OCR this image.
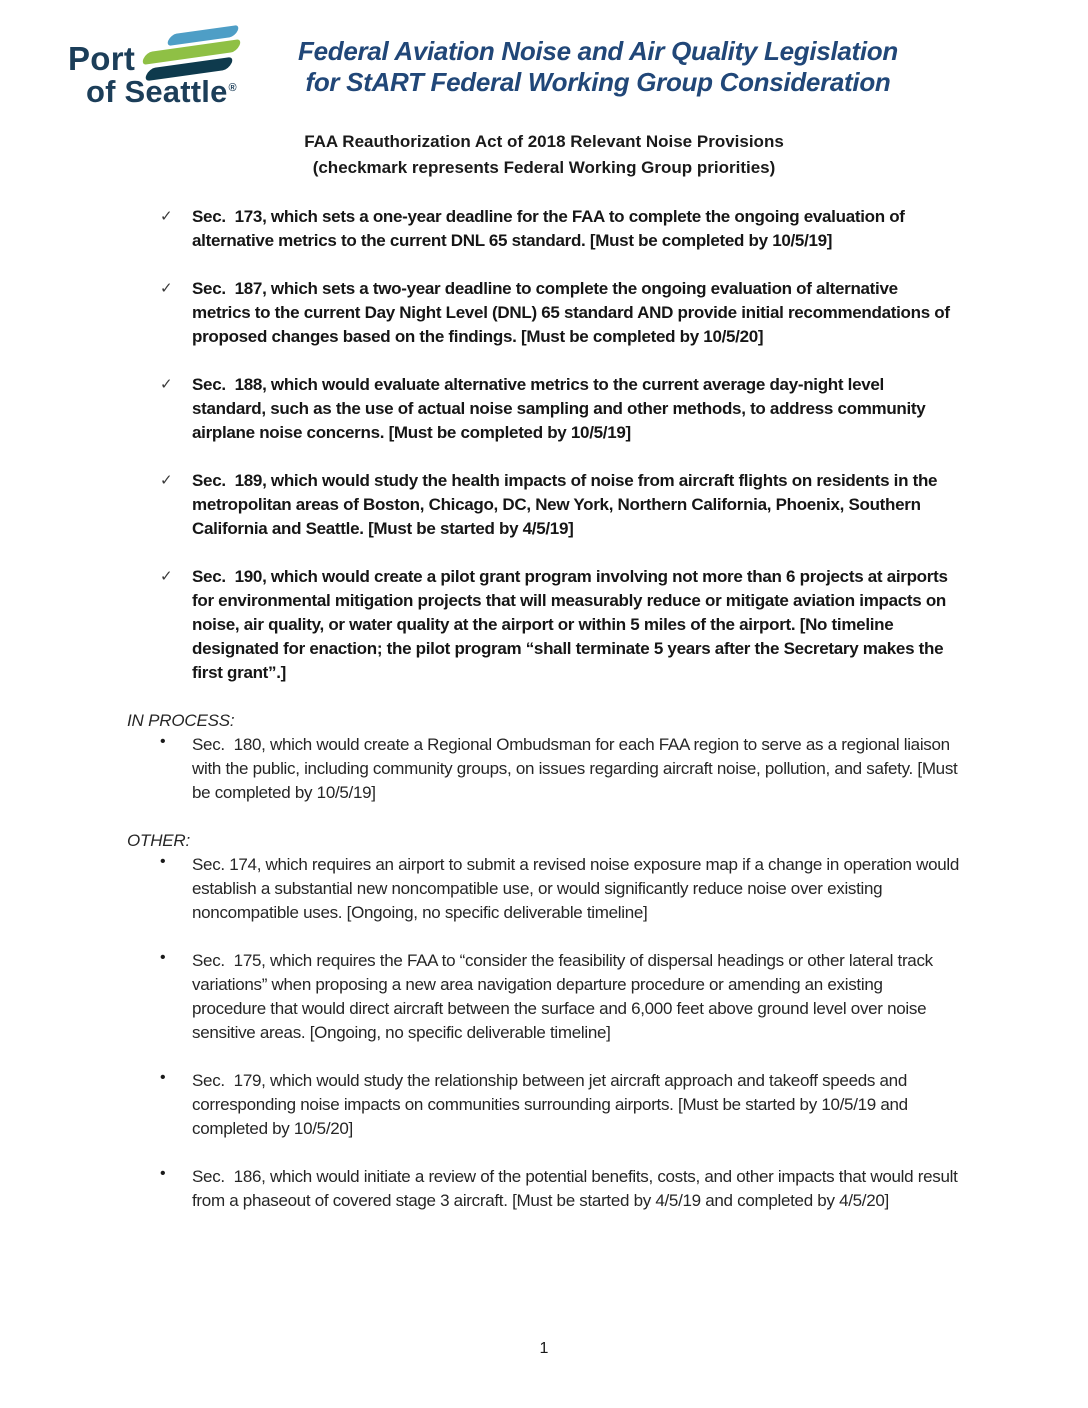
Port
of Seattle®
Federal Aviation Noise and Air Quality Legislation
for StART Federal Working Group Consideration
FAA Reauthorization Act of 2018 Relevant Noise Provisions
(checkmark represents Federal Working Group priorities)
✓	Sec.  173, which sets a one-year deadline for the FAA to complete the ongoing evaluation of alternative metrics to the current DNL 65 standard. [Must be completed by 10/5/19]
✓	Sec.  187, which sets a two-year deadline to complete the ongoing evaluation of alternative metrics to the current Day Night Level (DNL) 65 standard AND provide initial recommendations of proposed changes based on the findings. [Must be completed by 10/5/20]
✓	Sec.  188, which would evaluate alternative metrics to the current average day-night level standard, such as the use of actual noise sampling and other methods, to address community airplane noise concerns. [Must be completed by 10/5/19]
✓	Sec.  189, which would study the health impacts of noise from aircraft flights on residents in the metropolitan areas of Boston, Chicago, DC, New York, Northern California, Phoenix, Southern California and Seattle. [Must be started by 4/5/19]
✓	Sec.  190, which would create a pilot grant program involving not more than 6 projects at airports for environmental mitigation projects that will measurably reduce or mitigate aviation impacts on noise, air quality, or water quality at the airport or within 5 miles of the airport. [No timeline designated for enaction; the pilot program “shall terminate 5 years after the Secretary makes the first grant”.]
IN PROCESS:
•	Sec.  180, which would create a Regional Ombudsman for each FAA region to serve as a regional liaison with the public, including community groups, on issues regarding aircraft noise, pollution, and safety. [Must be completed by 10/5/19]
OTHER:
•	Sec. 174, which requires an airport to submit a revised noise exposure map if a change in operation would establish a substantial new noncompatible use, or would significantly reduce noise over existing noncompatible uses. [Ongoing, no specific deliverable timeline]
•	Sec.  175, which requires the FAA to “consider the feasibility of dispersal headings or other lateral track variations” when proposing a new area navigation departure procedure or amending an existing procedure that would direct aircraft between the surface and 6,000 feet above ground level over noise sensitive areas. [Ongoing, no specific deliverable timeline]
•	Sec.  179, which would study the relationship between jet aircraft approach and takeoff speeds and corresponding noise impacts on communities surrounding airports. [Must be started by 10/5/19 and completed by 10/5/20]
•	Sec.  186, which would initiate a review of the potential benefits, costs, and other impacts that would result from a phaseout of covered stage 3 aircraft. [Must be started by 4/5/19 and completed by 4/5/20]
1
